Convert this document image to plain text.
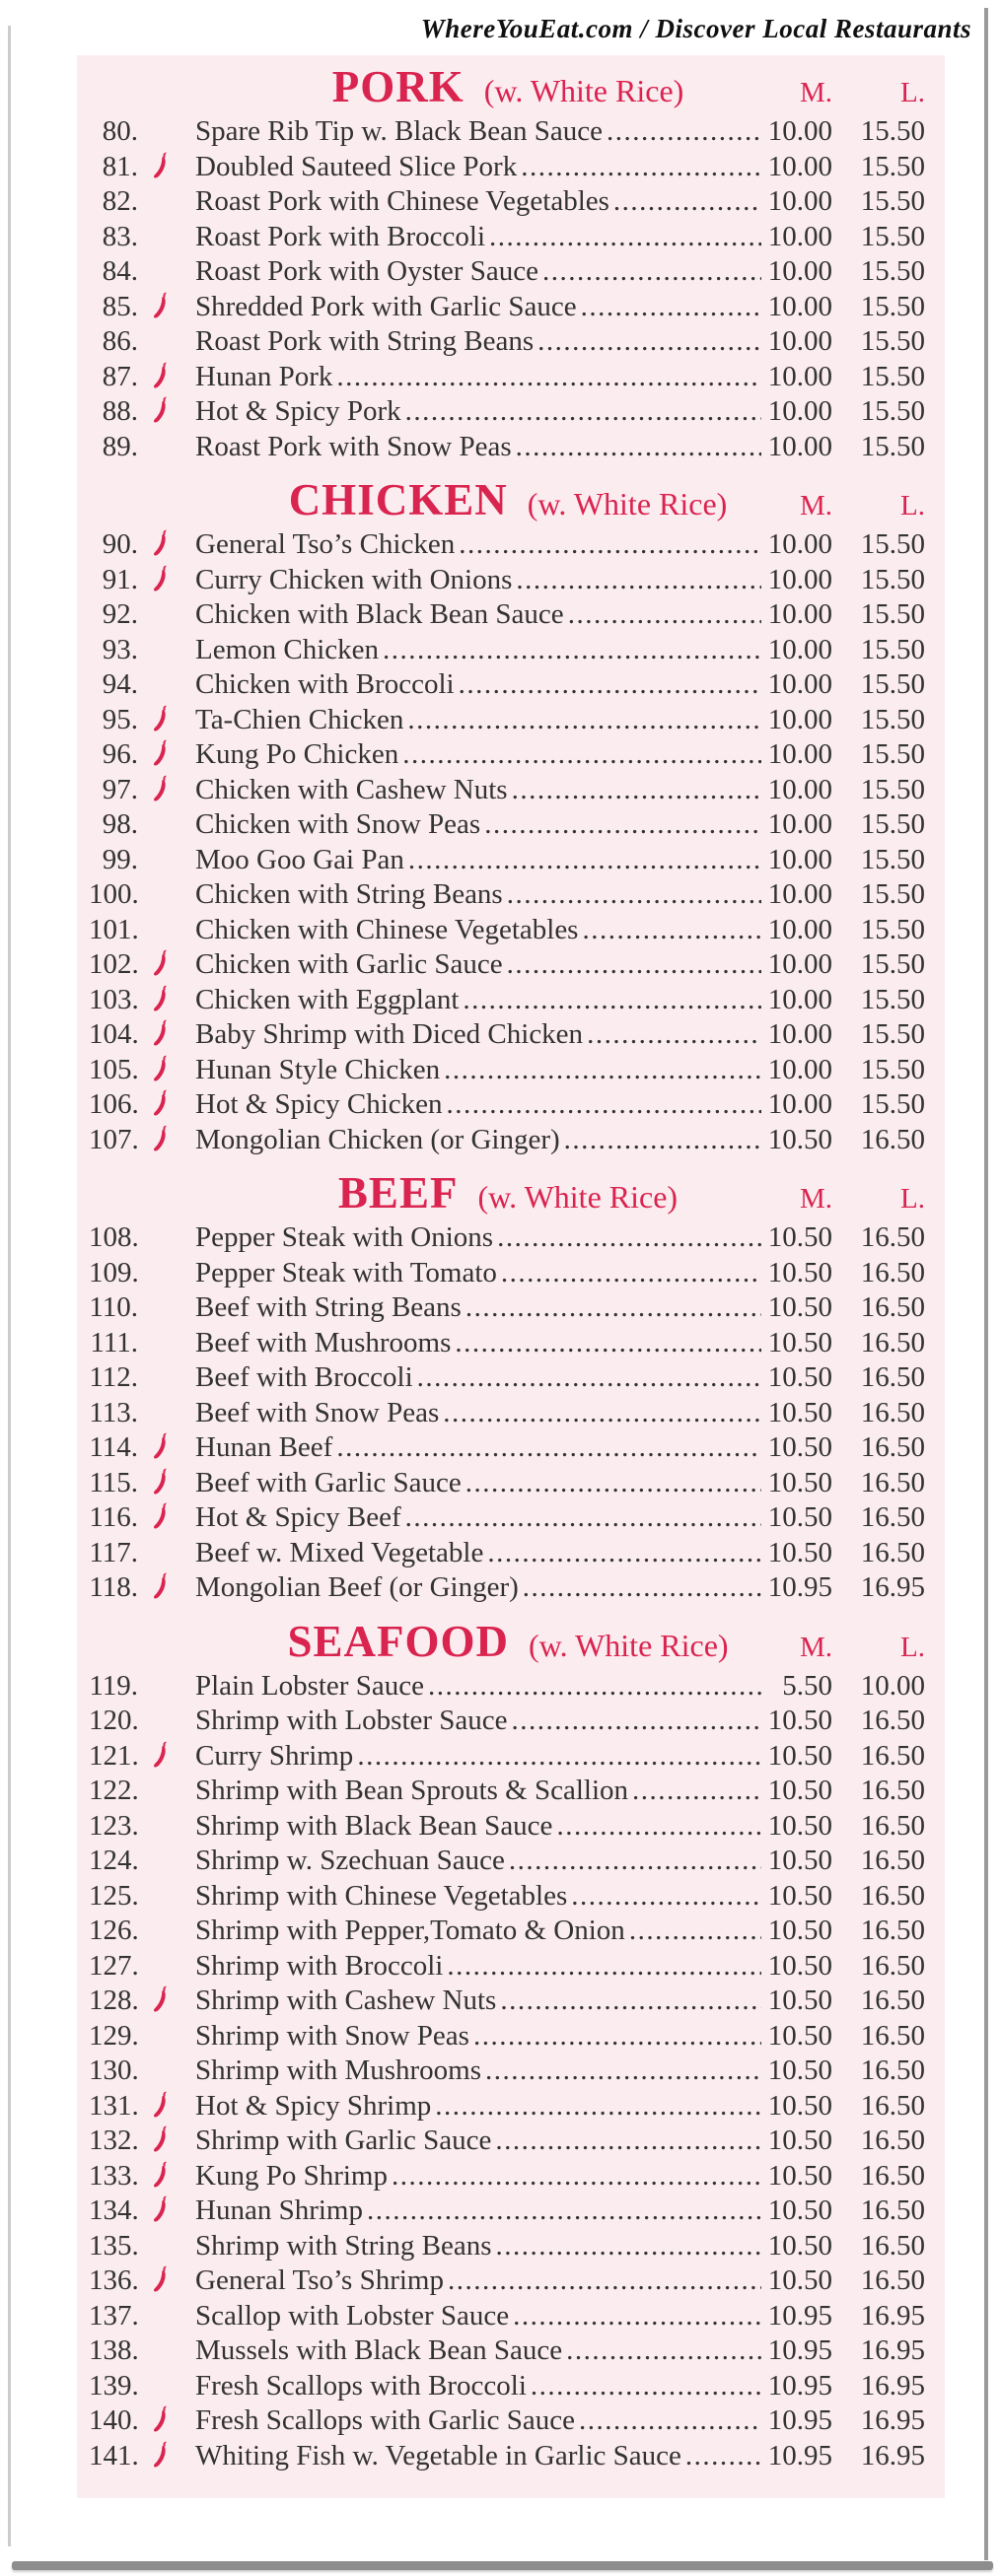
WhereYouEat.com / Discover Local Restaurants
PORK (w. White Rice)	M.	L.
80. Spare Rib Tip w. Black Bean Sauce .....	10.00 15.50
81. Doubled Sauteed Slice Pork .....	10.00 15.50
82. Roast Pork with Chinese Vegetables .....	10.00 15.50
83. Roast Pork with Broccoli .....	10.00 15.50
84. Roast Pork with Oyster Sauce .....	10.00 15.50
85. Shredded Pork with Garlic Sauce .....	10.00 15.50
86. Roast Pork with String Beans .....	10.00 15.50
87. Hunan Pork .....	10.00 15.50
88. Hot & Spicy Pork .....	10.00 15.50
89. Roast Pork with Snow Peas .....	10.00 15.50
CHICKEN (w. White Rice)	M.	L.
90. General Tso’s Chicken .....	10.00 15.50
91. Curry Chicken with Onions .....	10.00 15.50
92. Chicken with Black Bean Sauce .....	10.00 15.50
93. Lemon Chicken .....	10.00 15.50
94. Chicken with Broccoli .....	10.00 15.50
95. Ta-Chien Chicken .....	10.00 15.50
96. Kung Po Chicken .....	10.00 15.50
97. Chicken with Cashew Nuts .....	10.00 15.50
98. Chicken with Snow Peas .....	10.00 15.50
99. Moo Goo Gai Pan .....	10.00 15.50
100. Chicken with String Beans .....	10.00 15.50
101. Chicken with Chinese Vegetables .....	10.00 15.50
102. Chicken with Garlic Sauce .....	10.00 15.50
103. Chicken with Eggplant .....	10.00 15.50
104. Baby Shrimp with Diced Chicken .....	10.00 15.50
105. Hunan Style Chicken .....	10.00 15.50
106. Hot & Spicy Chicken .....	10.00 15.50
107. Mongolian Chicken (or Ginger) .....	10.50 16.50
BEEF (w. White Rice)	M.	L.
108. Pepper Steak with Onions .....	10.50 16.50
109. Pepper Steak with Tomato .....	10.50 16.50
110. Beef with String Beans .....	10.50 16.50
111. Beef with Mushrooms .....	10.50 16.50
112. Beef with Broccoli .....	10.50 16.50
113. Beef with Snow Peas .....	10.50 16.50
114. Hunan Beef .....	10.50 16.50
115. Beef with Garlic Sauce .....	10.50 16.50
116. Hot & Spicy Beef .....	10.50 16.50
117. Beef w. Mixed Vegetable .....	10.50 16.50
118. Mongolian Beef (or Ginger) .....	10.95 16.95
SEAFOOD (w. White Rice)	M.	L.
119. Plain Lobster Sauce .....	5.50 10.00
120. Shrimp with Lobster Sauce .....	10.50 16.50
121. Curry Shrimp .....	10.50 16.50
122. Shrimp with Bean Sprouts & Scallion .....	10.50 16.50
123. Shrimp with Black Bean Sauce .....	10.50 16.50
124. Shrimp w. Szechuan Sauce .....	10.50 16.50
125. Shrimp with Chinese Vegetables .....	10.50 16.50
126. Shrimp with Pepper,Tomato & Onion .....	10.50 16.50
127. Shrimp with Broccoli .....	10.50 16.50
128. Shrimp with Cashew Nuts .....	10.50 16.50
129. Shrimp with Snow Peas .....	10.50 16.50
130. Shrimp with Mushrooms .....	10.50 16.50
131. Hot & Spicy Shrimp .....	10.50 16.50
132. Shrimp with Garlic Sauce .....	10.50 16.50
133. Kung Po Shrimp .....	10.50 16.50
134. Hunan Shrimp .....	10.50 16.50
135. Shrimp with String Beans .....	10.50 16.50
136. General Tso’s Shrimp .....	10.50 16.50
137. Scallop with Lobster Sauce .....	10.95 16.95
138. Mussels with Black Bean Sauce .....	10.95 16.95
139. Fresh Scallops with Broccoli .....	10.95 16.95
140. Fresh Scallops with Garlic Sauce .....	10.95 16.95
141. Whiting Fish w. Vegetable in Garlic Sauce .....	10.95 16.95
